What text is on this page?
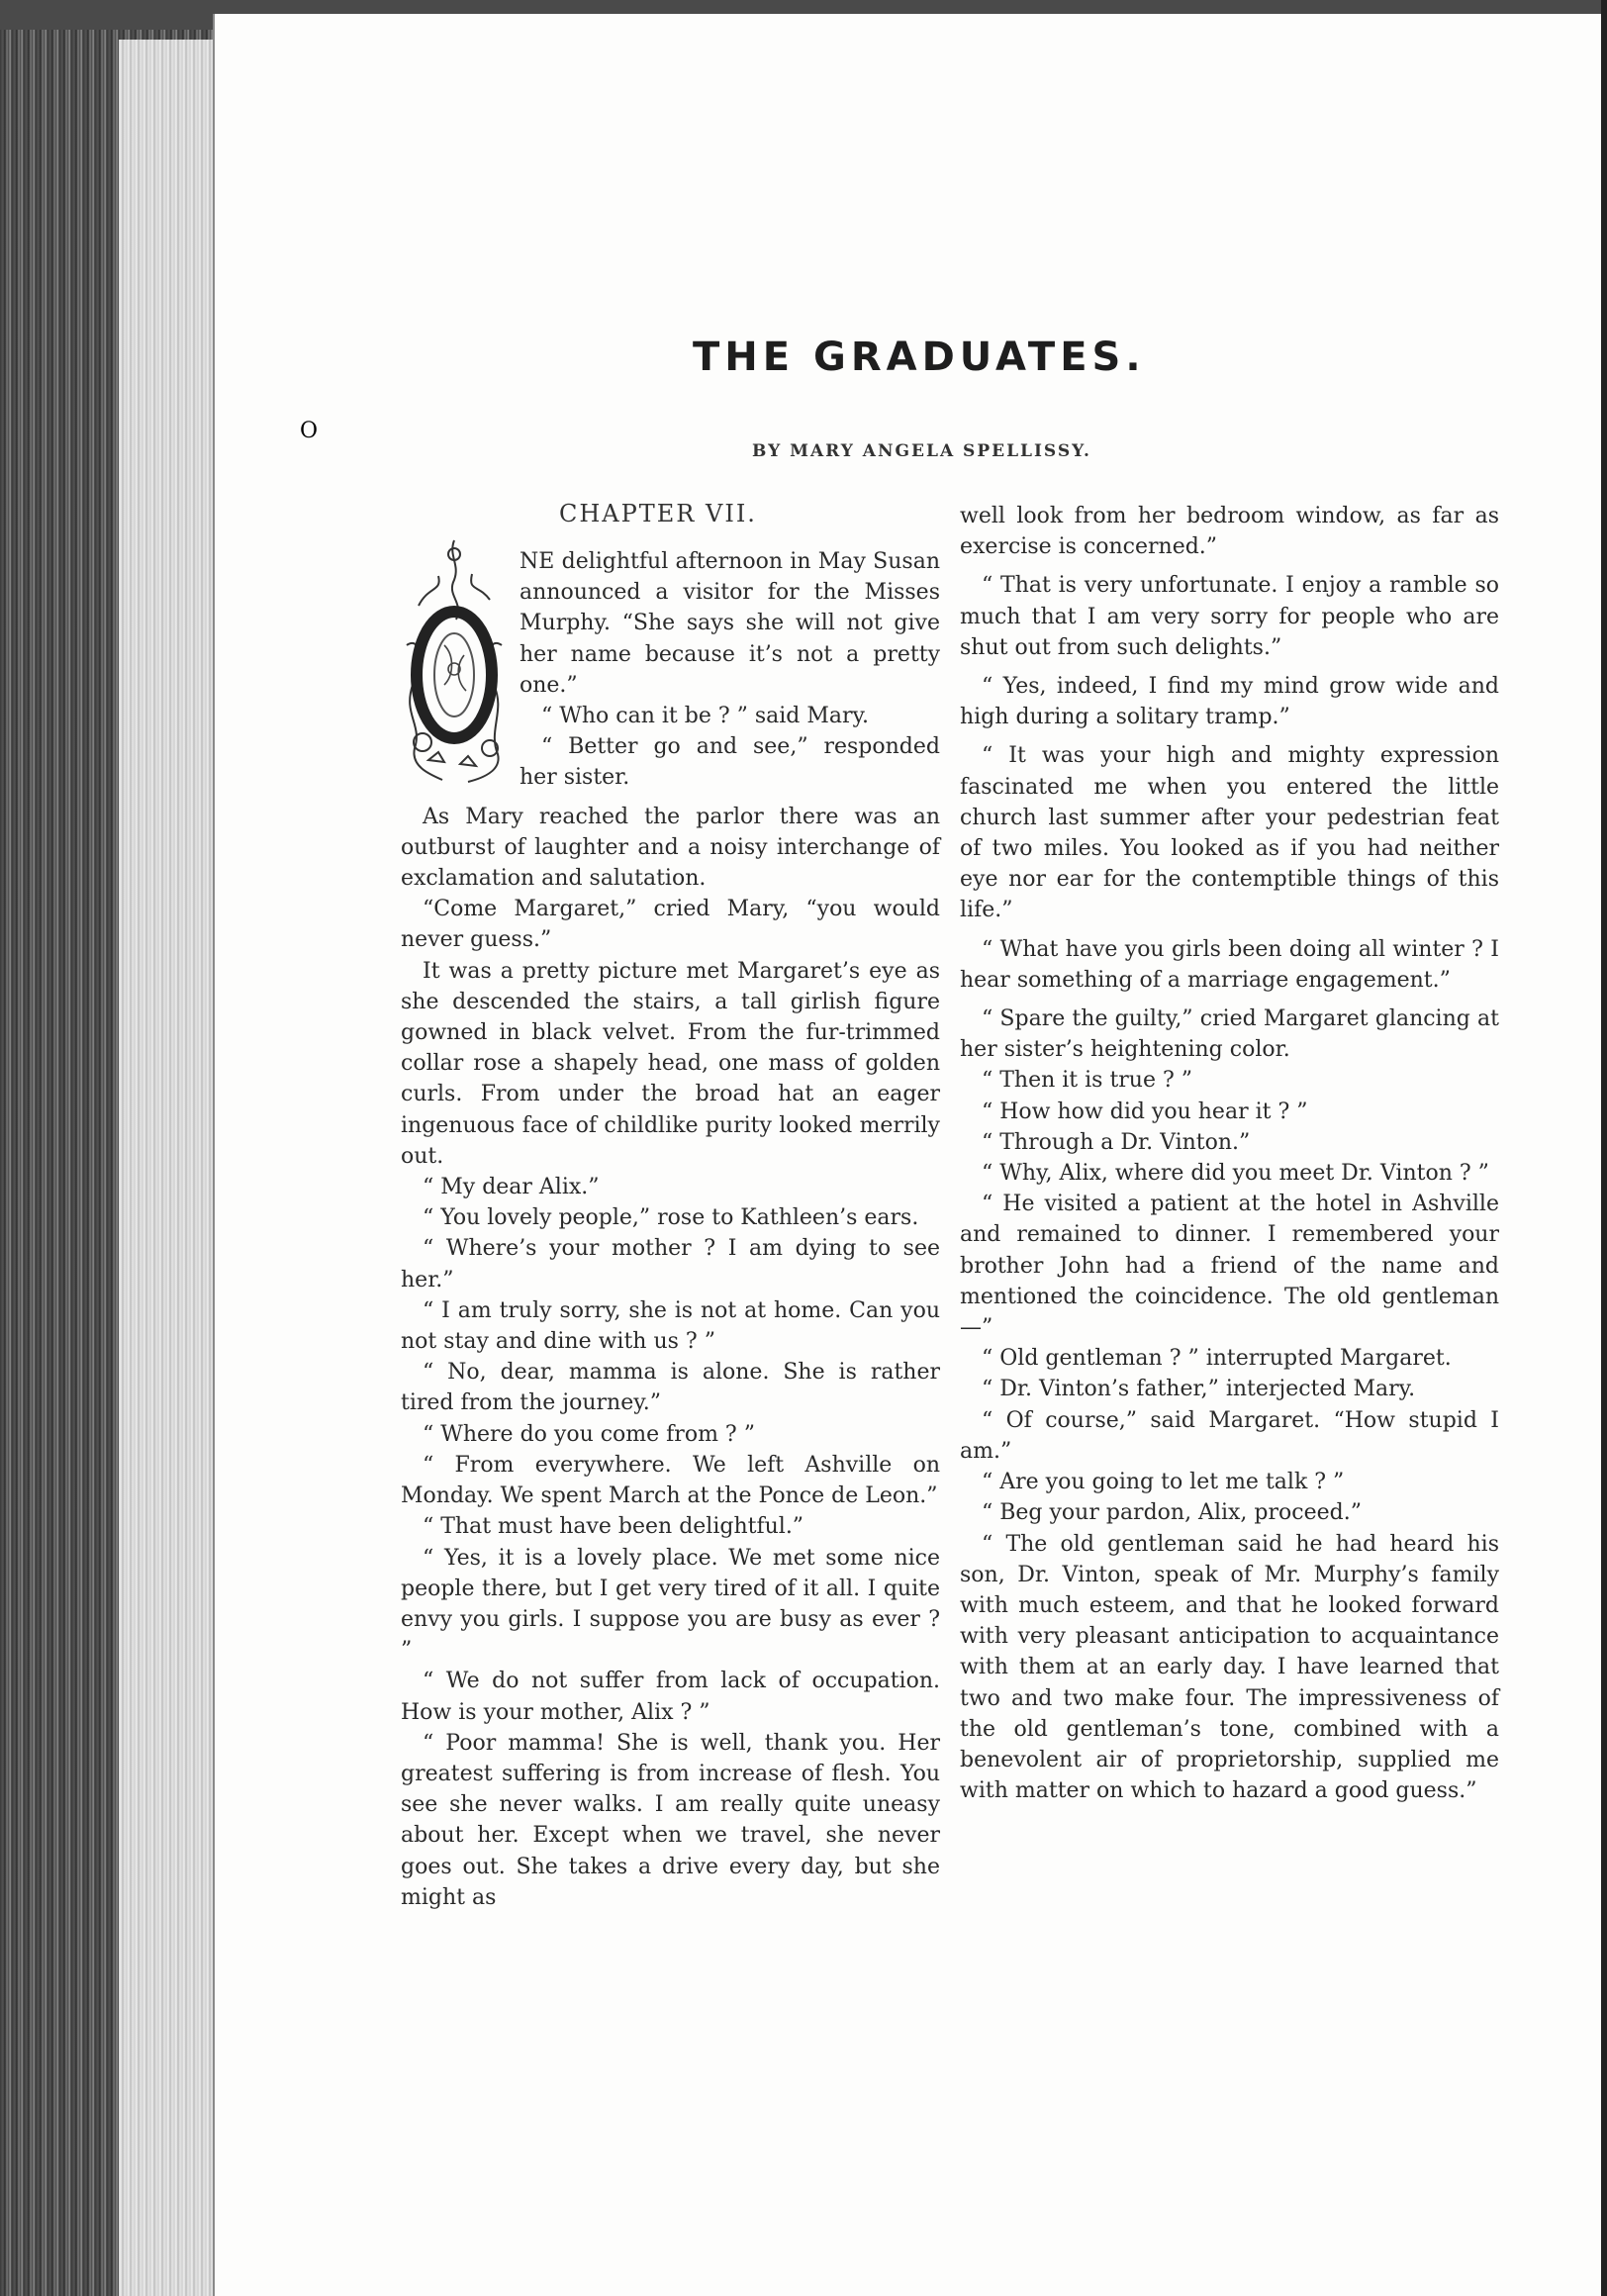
THE GRADUATES.
BY MARY ANGELA SPELLISSY.
CHAPTER VII.
O

NE delightful afternoon in May Susan announced a visitor for the Misses Murphy. “She says she will not give her name because it’s not a pretty one.”

“ Who can it be ? ” said Mary.

“ Better go and see,” responded her sister.

As Mary reached the parlor there was an outburst of laughter and a noisy interchange of exclamation and salutation.

“Come Margaret,” cried Mary, “you would never guess.”

It was a pretty picture met Margaret’s eye as she descended the stairs, a tall girlish figure gowned in black velvet. From the fur-trimmed collar rose a shapely head, one mass of golden curls. From under the broad hat an eager ingenuous face of childlike purity looked merrily out.

“ My dear Alix.”

“ You lovely people,” rose to Kathleen’s ears.

“ Where’s your mother ? I am dying to see her.”

“ I am truly sorry, she is not at home. Can you not stay and dine with us ? ”

“ No, dear, mamma is alone. She is rather tired from the journey.”

“ Where do you come from ? ”

“ From everywhere. We left Ashville on Monday. We spent March at the Ponce de Leon.”

“ That must have been delightful.”

“ Yes, it is a lovely place. We met some nice people there, but I get very tired of it all. I quite envy you girls. I suppose you are busy as ever ? ”

“ We do not suffer from lack of occupation. How is your mother, Alix ? ”

“ Poor mamma! She is well, thank you. Her greatest suffering is from increase of flesh. You see she never walks. I am really quite uneasy about her. Except when we travel, she never goes out. She takes a drive every day, but she might as

well look from her bedroom window, as far as exercise is concerned.”

“ That is very unfortunate. I enjoy a ramble so much that I am very sorry for people who are shut out from such delights.”

“ Yes, indeed, I find my mind grow wide and high during a solitary tramp.”

“ It was your high and mighty expression fascinated me when you entered the little church last summer after your pedestrian feat of two miles. You looked as if you had neither eye nor ear for the contemptible things of this life.”

“ What have you girls been doing all winter ? I hear something of a marriage engagement.”

“ Spare the guilty,” cried Margaret glancing at her sister’s heightening color.

“ Then it is true ? ”

“ How how did you hear it ? ”

“ Through a Dr. Vinton.”

“ Why, Alix, where did you meet Dr. Vinton ? ”

“ He visited a patient at the hotel in Ashville and remained to dinner. I remembered your brother John had a friend of the name and mentioned the coincidence. The old gentleman—”

“ Old gentleman ? ” interrupted Margaret.

“ Dr. Vinton’s father,” interjected Mary.

“ Of course,” said Margaret. “How stupid I am.”

“ Are you going to let me talk ? ”

“ Beg your pardon, Alix, proceed.”

“ The old gentleman said he had heard his son, Dr. Vinton, speak of Mr. Murphy’s family with much esteem, and that he looked forward with very pleasant anticipation to acquaintance with them at an early day. I have learned that two and two make four. The impressiveness of the old gentleman’s tone, combined with a benevolent air of proprietorship, supplied me with matter on which to hazard a good guess.”
